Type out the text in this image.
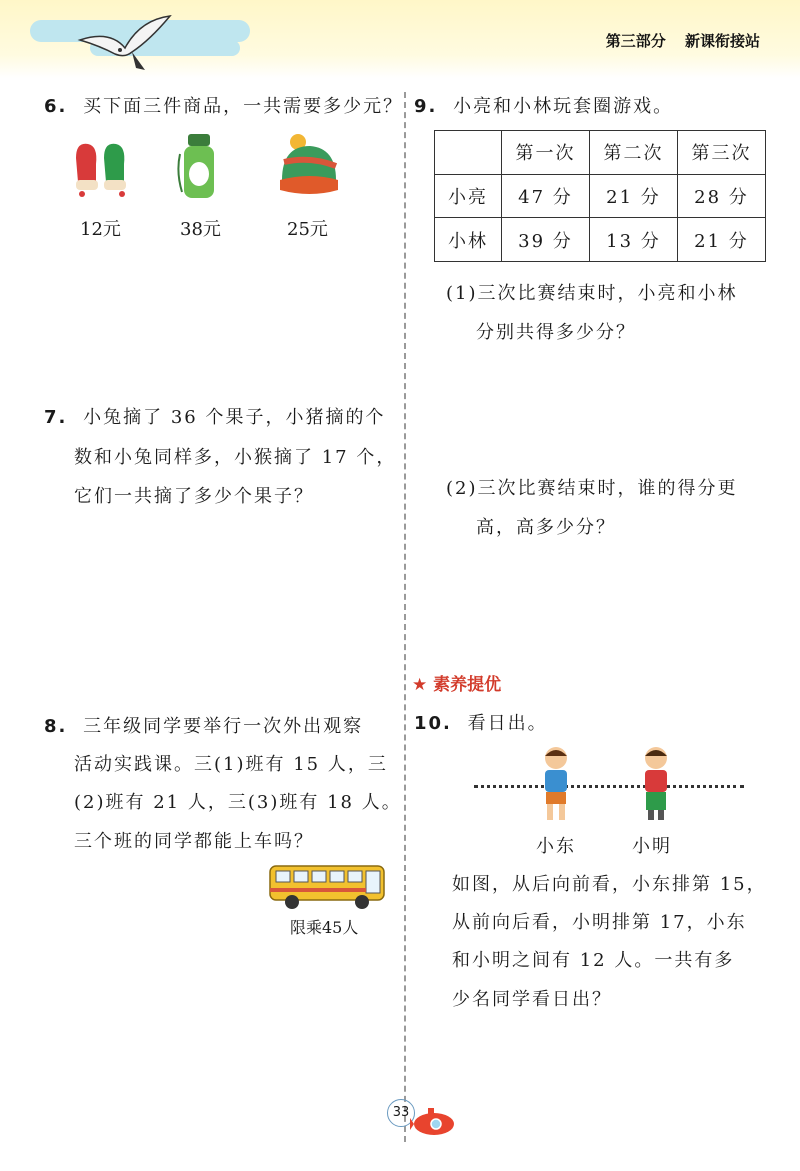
第三部分 新课衔接站
6. 买下面三件商品，一共需要多少元？
12元	38元	25元
7. 小兔摘了 36 个果子，小猪摘的个
数和小兔同样多，小猴摘了 17 个，
它们一共摘了多少个果子？
8. 三年级同学要举行一次外出观察
活动实践课。三(1)班有 15 人，三
(2)班有 21 人，三(3)班有 18 人。
三个班的同学都能上车吗？
限乘45人
9. 小亮和小林玩套圈游戏。
	第一次	第二次	第三次
小亮	47 分	21 分	28 分
小林	39 分	13 分	21 分
(1)三次比赛结束时，小亮和小林
分别共得多少分？
(2)三次比赛结束时，谁的得分更
高，高多少分？
★ 素养提优
10. 看日出。
小东	小明
如图，从后向前看，小东排第 15，
从前向后看，小明排第 17，小东
和小明之间有 12 人。一共有多
少名同学看日出？
33
